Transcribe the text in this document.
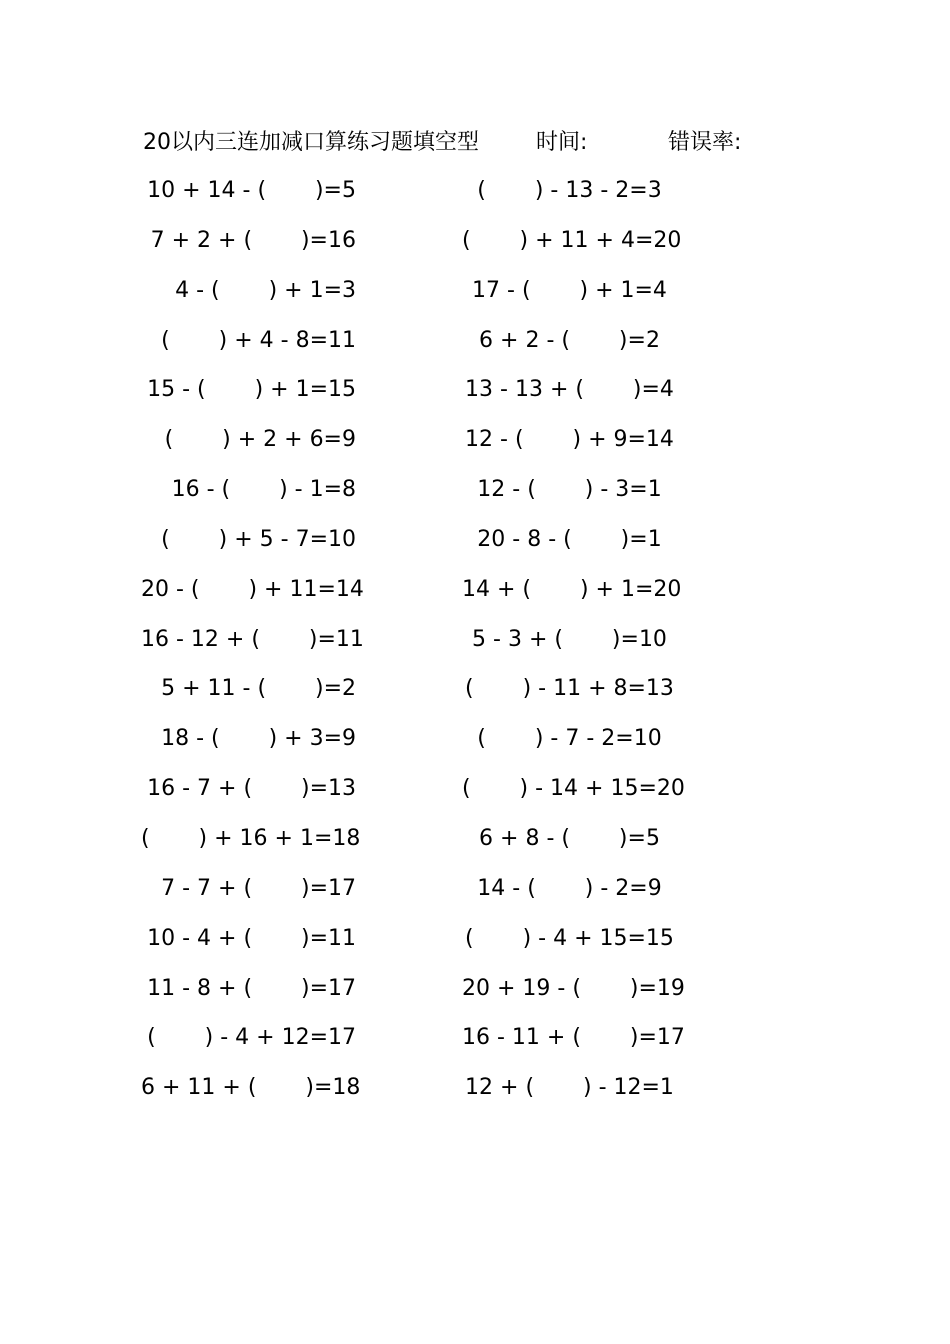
20以内三连加减口算练习题填空型	时间:	错误率:
10 + 14 - (       )=5
7 + 2 + (       )=16
4 - (       ) + 1=3
(       ) + 4 - 8=11
15 - (       ) + 1=15
(       ) + 2 + 6=9
16 - (       ) - 1=8
(       ) + 5 - 7=10
20 - (       ) + 11=14
16 - 12 + (       )=11
5 + 11 - (       )=2
18 - (       ) + 3=9
16 - 7 + (       )=13
(       ) + 16 + 1=18
7 - 7 + (       )=17
10 - 4 + (       )=11
11 - 8 + (       )=17
(       ) - 4 + 12=17
6 + 11 + (       )=18
(       ) - 13 - 2=3
(       ) + 11 + 4=20
17 - (       ) + 1=4
6 + 2 - (       )=2
13 - 13 + (       )=4
12 - (       ) + 9=14
12 - (       ) - 3=1
20 - 8 - (       )=1
14 + (       ) + 1=20
5 - 3 + (       )=10
(       ) - 11 + 8=13
(       ) - 7 - 2=10
(       ) - 14 + 15=20
6 + 8 - (       )=5
14 - (       ) - 2=9
(       ) - 4 + 15=15
20 + 19 - (       )=19
16 - 11 + (       )=17
12 + (       ) - 12=1
